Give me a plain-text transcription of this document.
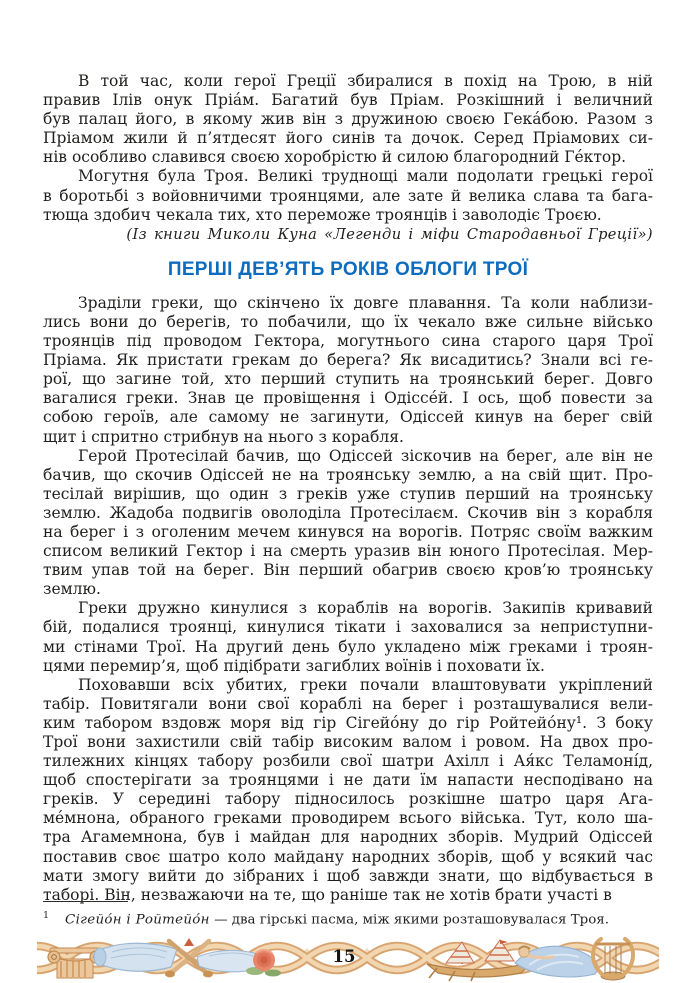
В той час, коли герої Греції збиралися в похід на Трою, в ній
правив Ілів онук Пріа́м. Багатий був Пріам. Розкішний і величний
був палац його, в якому жив він з дружиною своєю Гека́бою. Разом з
Пріамом жили й п’ятдесят його синів та дочок. Серед Пріамових си-
нів особливо славився своєю хоробрістю й силою благородний Ге́ктор.
Могутня була Троя. Великі труднощі мали подолати грецькі герої
в боротьбі з войовничими троянцями, але зате й велика слава та бага-
тюща здобич чекала тих, хто переможе троянців і заволодіє Троєю.
(Із книги Миколи Куна «Легенди і міфи Стародавньої Греції»)
ПЕРШІ ДЕВ’ЯТЬ РОКІВ ОБЛОГИ ТРОЇ
Зраділи греки, що скінчено їх довге плавання. Та коли наблизи-
лись вони до берегів, то побачили, що їх чекало вже сильне військо
троянців під проводом Гектора, могутнього сина старого царя Трої
Пріама. Як пристати грекам до берега? Як висадитись? Знали всі ге-
рої, що загине той, хто перший ступить на троянський берег. Довго
вагалися греки. Знав це провіщення і Одіссе́й. І ось, щоб повести за
собою героїв, але самому не загинути, Одіссей кинув на берег свій
щит і спритно стрибнув на нього з корабля.
Герой Протесілай бачив, що Одіссей зіскочив на берег, але він не
бачив, що скочив Одіссей не на троянську землю, а на свій щит. Про-
тесілай вирішив, що один з греків уже ступив перший на троянську
землю. Жадоба подвигів оволоділа Протесілаєм. Скочив він з корабля
на берег і з оголеним мечем кинувся на ворогів. Потряс своїм важким
списом великий Гектор і на смерть уразив він юного Протесілая. Мер-
твим упав той на берег. Він перший обагрив своєю кров’ю троянську
землю.
Греки дружно кинулися з кораблів на ворогів. Закипів кривавий
бій, подалися троянці, кинулися тікати і заховалися за неприступни-
ми стінами Трої. На другий день було укладено між греками і троян-
цями перемир’я, щоб підібрати загиблих воїнів і поховати їх.
Поховавши всіх убитих, греки почали влаштовувати укріплений
табір. Повитягали вони свої кораблі на берег і розташувалися вели-
ким табором вздовж моря від гір Сігейо́ну до гір Ройтейо́ну¹. З боку
Трої вони захистили свій табір високим валом і ровом. На двох про-
тилежних кінцях табору розбили свої шатри Ахілл і Ая́кс Теламоні́д,
щоб спостерігати за троянцями і не дати їм напасти несподівано на
греків. У середині табору підносилось розкішне шатро царя Ага-
ме́мнона, обраного греками проводирем всього війська. Тут, коло ша-
тра Агамемнона, був і майдан для народних зборів. Мудрий Одіссей
поставив своє шатро коло майдану народних зборів, щоб у всякий час
мати змогу вийти до зібраних і щоб завжди знати, що відбувається в
таборі. Він, незважаючи на те, що раніше так не хотів брати участі в
$^1$ Сігейо́н і Ройтейо́н — два гірські пасма, між якими розташовувалася Троя.
15
